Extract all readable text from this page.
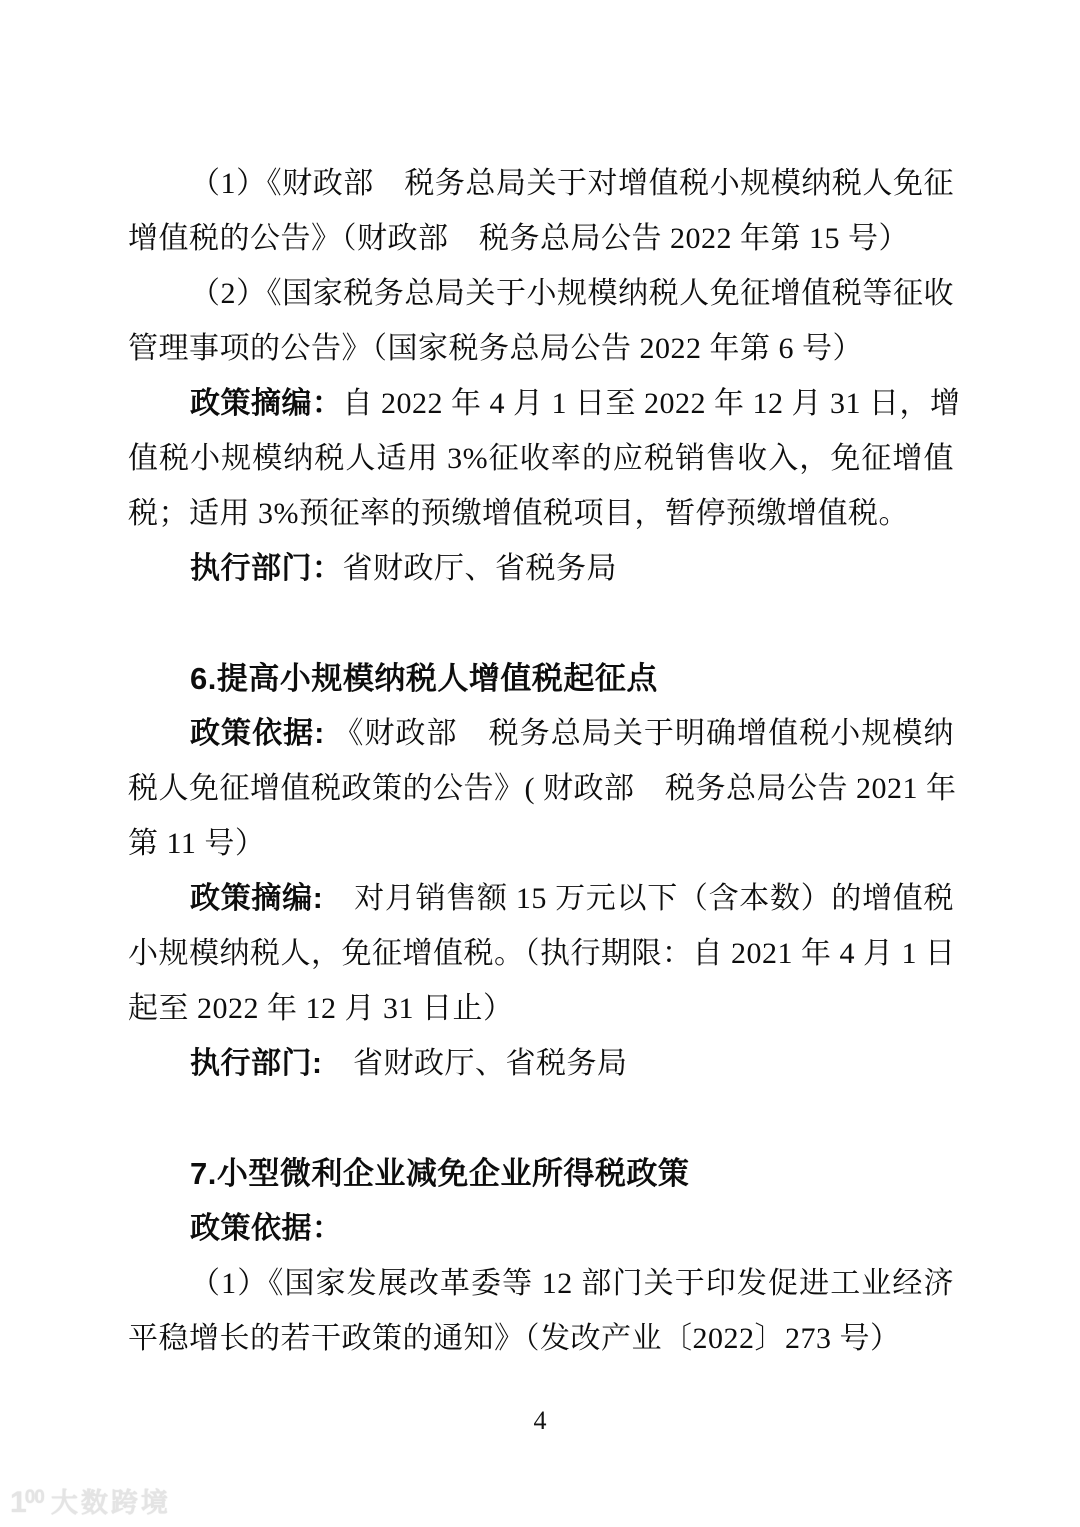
（1）《财政部　税务总局关于对增值税小规模纳税人免征
增值税的公告》（财政部　税务总局公告 2022 年第 15 号）
（2）《国家税务总局关于小规模纳税人免征增值税等征收
管理事项的公告》（国家税务总局公告 2022 年第 6 号）
政策摘编：自 2022 年 4 月 1 日至 2022 年 12 月 31 日，增
值税小规模纳税人适用 3%征收率的应税销售收入，免征增值
税；适用 3%预征率的预缴增值税项目，暂停预缴增值税。
执行部门：省财政厅、省税务局
6.提高小规模纳税人增值税起征点
政策依据: 《财政部　税务总局关于明确增值税小规模纳
税人免征增值税政策的公告》( 财政部　税务总局公告 2021 年
第 11 号）
政策摘编:　对月销售额 15 万元以下（含本数）的增值税
小规模纳税人，免征增值税。（执行期限：自 2021 年 4 月 1 日
起至 2022 年 12 月 31 日止）
执行部门:　省财政厅、省税务局
7.小型微利企业减免企业所得税政策
政策依据：
（1）《国家发展改革委等 12 部门关于印发促进工业经济
平稳增长的若干政策的通知》（发改产业〔2022〕273 号）
4
$1^{00}$ 大数跨境
